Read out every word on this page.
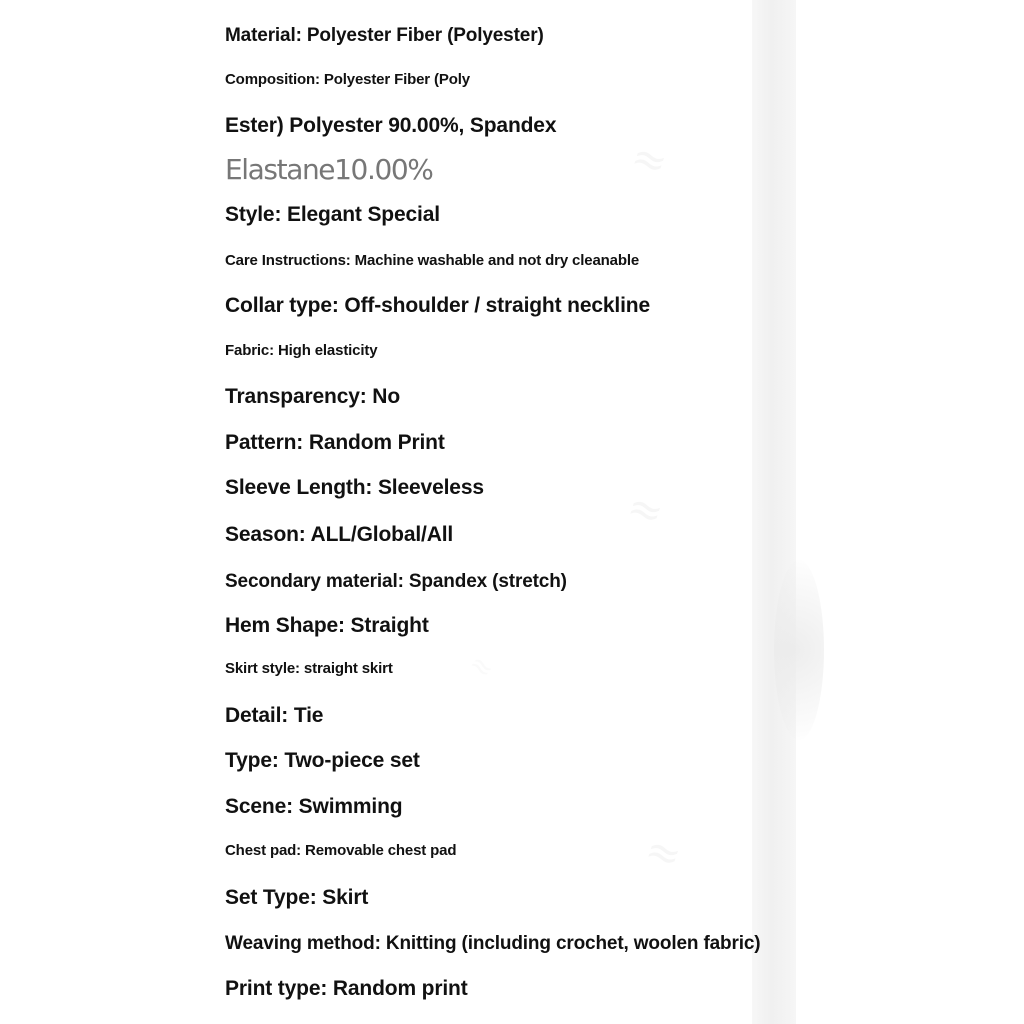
≈
≈
≈
≈
Material: Polyester Fiber (Polyester)
Composition: Polyester Fiber (Poly
Ester) Polyester 90.00%, Spandex
Elastane10.00%
Style: Elegant Special
Care Instructions: Machine washable and not dry cleanable
Collar type: Off-shoulder / straight neckline
Fabric: High elasticity
Transparency: No
Pattern: Random Print
Sleeve Length: Sleeveless
Season: ALL/Global/All
Secondary material: Spandex (stretch)
Hem Shape: Straight
Skirt style: straight skirt
Detail: Tie
Type: Two-piece set
Scene: Swimming
Chest pad: Removable chest pad
Set Type: Skirt
Weaving method: Knitting (including crochet, woolen fabric)
Print type: Random print
